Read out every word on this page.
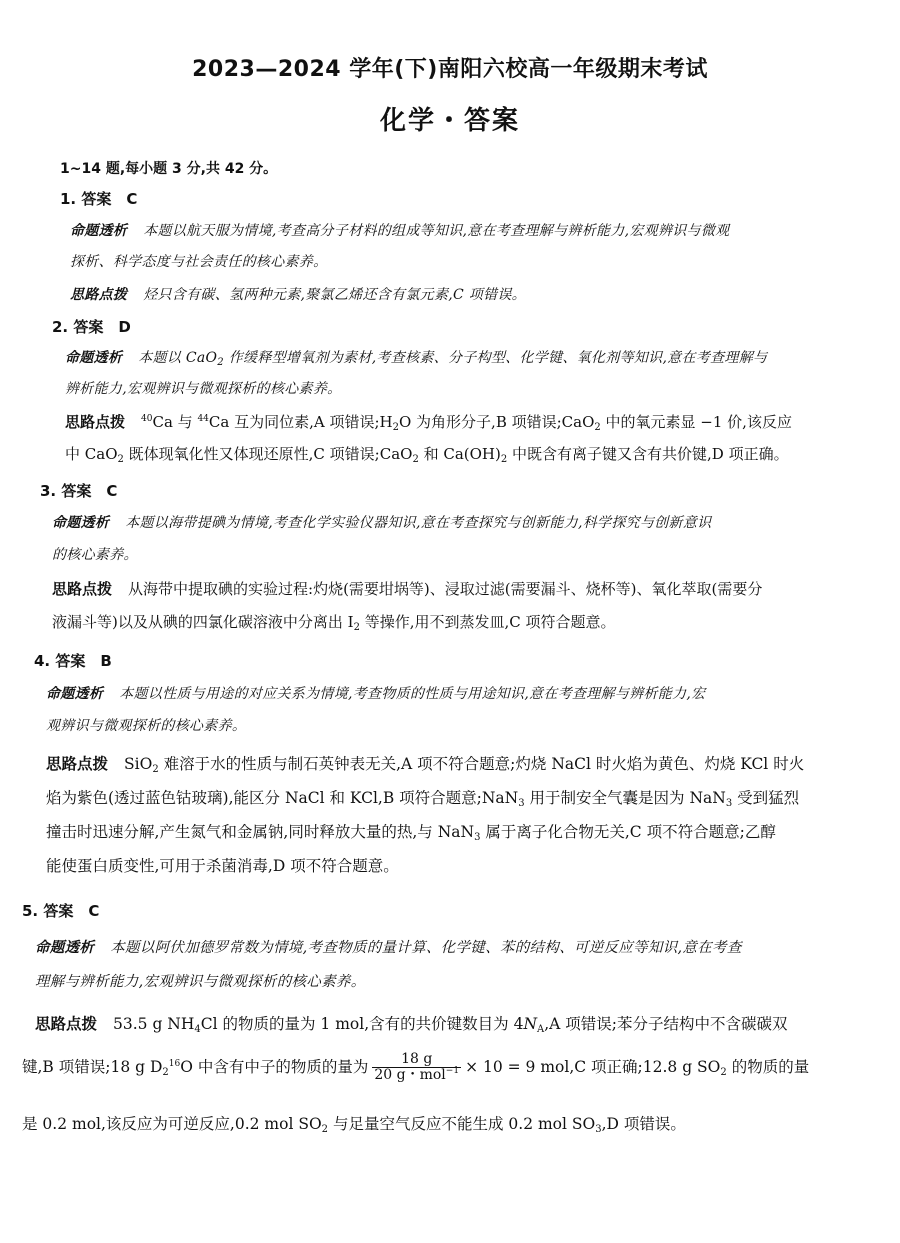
2023—2024 学年(下)南阳六校高一年级期末考试
化学・答案
1~14 题,每小题 3 分,共 42 分。
1. 答案　C
命题透析 本题以航天服为情境,考查高分子材料的组成等知识,意在考查理解与辨析能力,宏观辨识与微观
探析、科学态度与社会责任的核心素养。
思路点拨 烃只含有碳、氢两种元素,聚氯乙烯还含有氯元素,C 项错误。
2. 答案　D
命题透析 本题以 CaO$_2$ 作缓释型增氧剂为素材,考查核素、分子构型、化学键、氧化剂等知识,意在考查理解与
辨析能力,宏观辨识与微观探析的核心素养。
思路点拨 $^{40}$Ca 与 $^{44}$Ca 互为同位素,A 项错误$;H_2O$ 为角形分子,B 项错误;CaO$_2$ 中的氧元素显 −1 价,该反应
中 CaO$_2$ 既体现氧化性又体现还原性,C 项错误;CaO$_2$ 和 $Ca(OH)_2$ 中既含有离子键又含有共价键,D 项正确。
3. 答案　C
命题透析 本题以海带提碘为情境,考查化学实验仪器知识,意在考查探究与创新能力,科学探究与创新意识
的核心素养。
思路点拨 从海带中提取碘的实验过程:灼烧(需要坩埚等)、浸取过滤(需要漏斗、烧杯等)、氧化萃取(需要分
液漏斗等)以及从碘的四氯化碳溶液中分离出 $I_2$ 等操作,用不到蒸发皿,C 项符合题意。
4. 答案　B
命题透析 本题以性质与用途的对应关系为情境,考查物质的性质与用途知识,意在考查理解与辨析能力,宏
观辨识与微观探析的核心素养。
思路点拨 SiO$_2$ 难溶于水的性质与制石英钟表无关,A 项不符合题意;灼烧 NaCl 时火焰为黄色、灼烧 KCl 时火
焰为紫色(透过蓝色钴玻璃),能区分 NaCl 和 KCl,B 项符合题意;NaN$_3$ 用于制安全气囊是因为 NaN$_3$ 受到猛烈
撞击时迅速分解,产生氮气和金属钠,同时释放大量的热,与 NaN$_3$ 属于离子化合物无关,C 项不符合题意;乙醇
能使蛋白质变性,可用于杀菌消毒,D 项不符合题意。
5. 答案　C
命题透析 本题以阿伏加德罗常数为情境,考查物质的量计算、化学键、苯的结构、可逆反应等知识,意在考查
理解与辨析能力,宏观辨识与微观探析的核心素养。
思路点拨 53.5 g $NH_4Cl$ 的物质的量为 1 mol,含有的共价键数目为 $4N_A,A$ 项错误;苯分子结构中不含碳碳双
键,B 项错误;18 g $D_2^{16}O$ 中含有中子的物质的量为 $\frac{18 g}{20 g・mol^{-1}} \times 10 = 9$ mol,C 项正确;12.8 g $SO_2$ 的物质的量
是 0.2 mol,该反应为可逆反应,0.2 mol $SO_2$ 与足量空气反应不能生成 0.2 mol $SO_3,D$ 项错误。
